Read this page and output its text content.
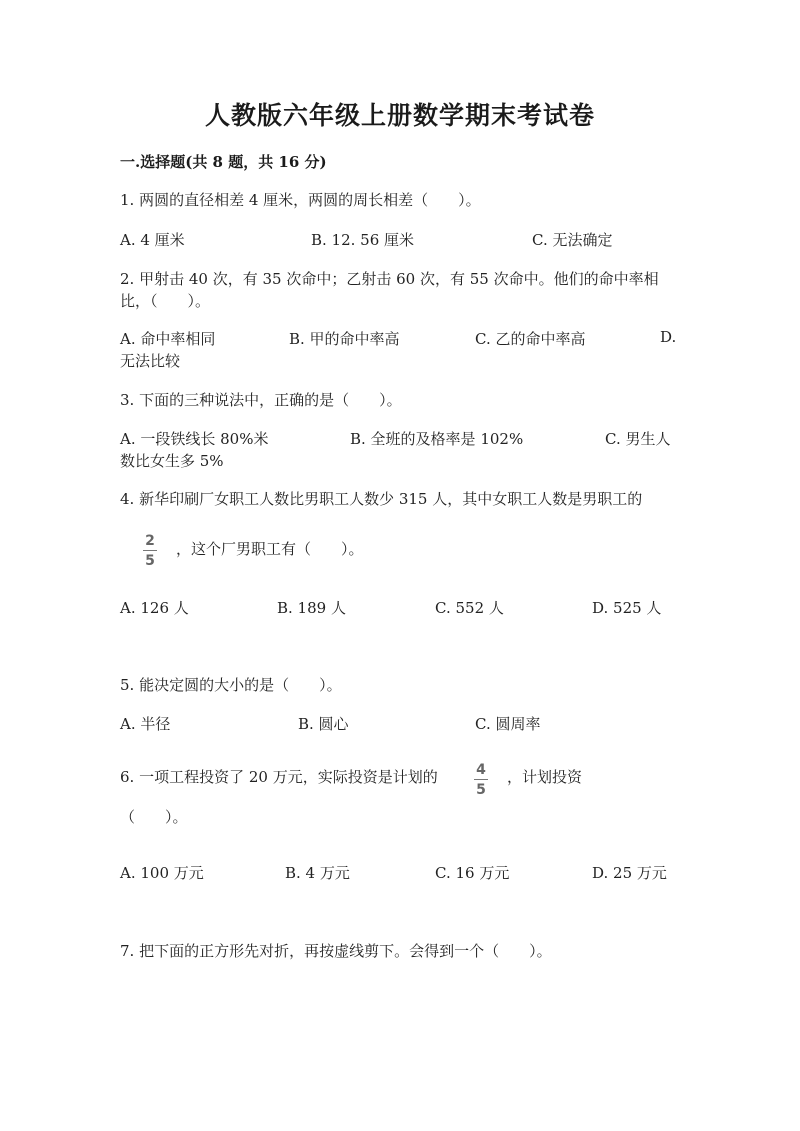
人教版六年级上册数学期末考试卷
一.选择题(共 8 题，共 16 分)
1. 两圆的直径相差 4 厘米，两圆的周长相差（　　）。
A. 4 厘米	B. 12. 56 厘米	C. 无法确定
2. 甲射击 40 次，有 35 次命中；乙射击 60 次，有 55 次命中。他们的命中率相
比，（　　）。
A. 命中率相同	B. 甲的命中率高	C. 乙的命中率高	D.
无法比较
3. 下面的三种说法中，正确的是（　　）。
A. 一段铁线长 80%米	B. 全班的及格率是 102%	C. 男生人
数比女生多 5%
4. 新华印刷厂女职工人数比男职工人数少 315 人，其中女职工人数是男职工的
2
5
，这个厂男职工有（　　）。
A. 126 人	B. 189 人	C. 552 人	D. 525 人
5. 能决定圆的大小的是（　　）。
A. 半径	B. 圆心	C. 圆周率
6. 一项工程投资了 20 万元，实际投资是计划的	4
5
，计划投资
（　　）。
A. 100 万元	B. 4 万元	C. 16 万元	D. 25 万元
7. 把下面的正方形先对折，再按虚线剪下。会得到一个（　　）。
